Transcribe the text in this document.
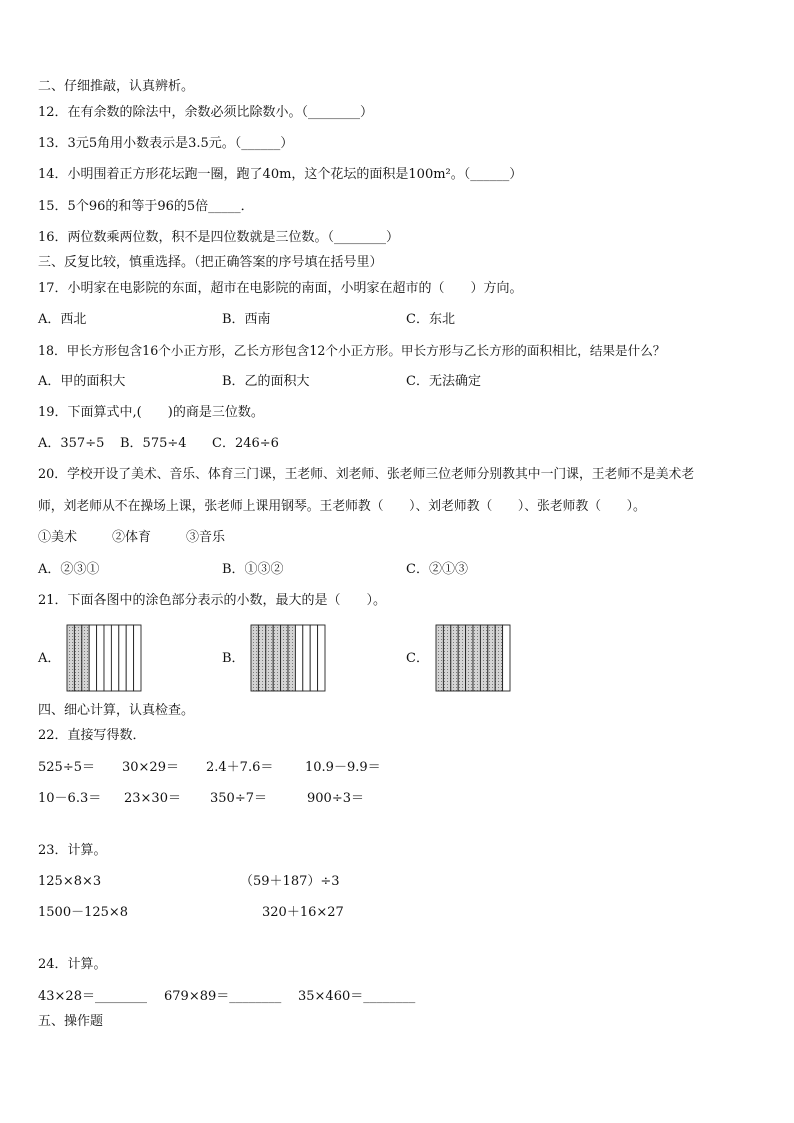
二、仔细推敲，认真辨析。
12．在有余数的除法中，余数必须比除数小。（________）
13．3元5角用小数表示是3.5元。（______）
14．小明围着正方形花坛跑一圈，跑了40m，这个花坛的面积是100m²。（______）
15．5个96的和等于96的5倍_____．
16．两位数乘两位数，积不是四位数就是三位数。（________）
三、反复比较，慎重选择。（把正确答案的序号填在括号里）
17．小明家在电影院的东面，超市在电影院的南面，小明家在超市的（　　）方向。
A．西北	B．西南	C．东北
18．甲长方形包含16个小正方形，乙长方形包含12个小正方形。甲长方形与乙长方形的面积相比，结果是什么？
A．甲的面积大	B．乙的面积大	C．无法确定
19．下面算式中,(　　)的商是三位数。
A．357÷5 B．575÷4 C．246÷6
20．学校开设了美术、音乐、体育三门课，王老师、刘老师、张老师三位老师分别教其中一门课，王老师不是美术老
师，刘老师从不在操场上课，张老师上课用钢琴。王老师教（　　）、刘老师教（　　）、张老师教（　　）。
①美术	②体育	③音乐
A．②③①	B．①③②	C．②①③
21．下面各图中的涂色部分表示的小数，最大的是（　　）。
A．	B．	C．
四、细心计算，认真检查。
22．直接写得数．
525÷5＝ 30×29＝ 2.4＋7.6＝ 10.9－9.9＝
10－6.3＝ 23×30＝ 350÷7＝	900÷3＝
23．计算。
125×8×3	（59＋187）÷3
1500－125×8	320＋16×27
24．计算。
43×28＝________ 679×89＝________ 35×460＝________
五、操作题
